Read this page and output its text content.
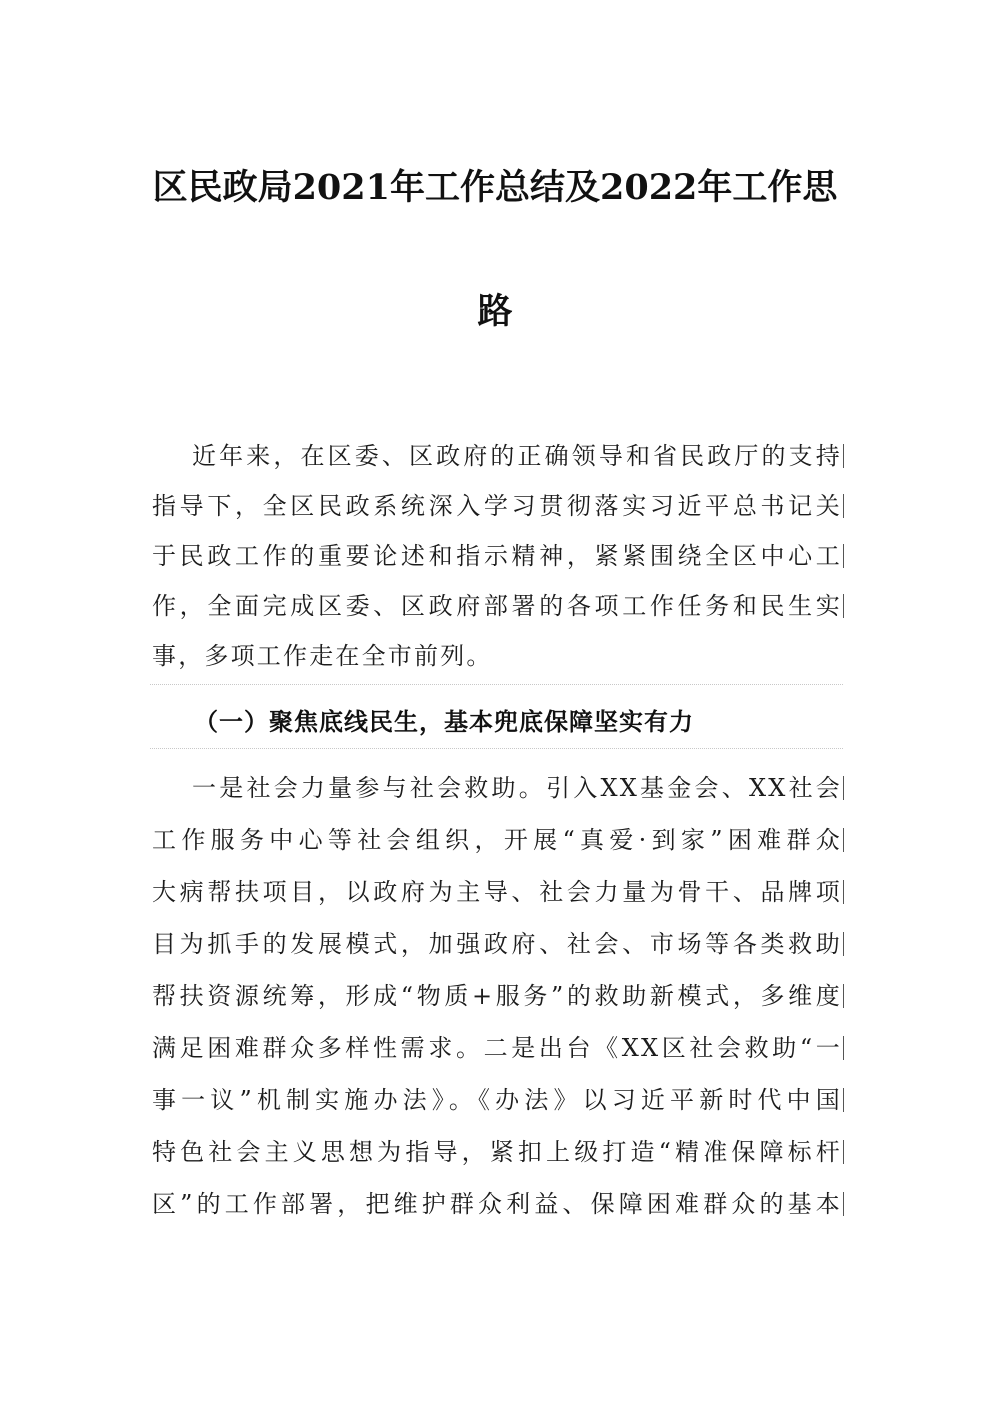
区民政局2021年工作总结及2022年工作思
路
近年来，在区委、区政府的正确领导和省民政厅的支持
指导下，全区民政系统深入学习贯彻落实习近平总书记关
于民政工作的重要论述和指示精神，紧紧围绕全区中心工
作，全面完成区委、区政府部署的各项工作任务和民生实
事，多项工作走在全市前列。
（一）聚焦底线民生，基本兜底保障坚实有力
一是社会力量参与社会救助。引入XX基金会、XX社会
工作服务中心等社会组织，开展“真爱·到家”困难群众
大病帮扶项目，以政府为主导、社会力量为骨干、品牌项
目为抓手的发展模式，加强政府、社会、市场等各类救助
帮扶资源统筹，形成“物质+服务”的救助新模式，多维度
满足困难群众多样性需求。二是出台《XX区社会救助“一
事一议”机制实施办法》。《办法》以习近平新时代中国
特色社会主义思想为指导，紧扣上级打造“精准保障标杆
区”的工作部署，把维护群众利益、保障困难群众的基本
